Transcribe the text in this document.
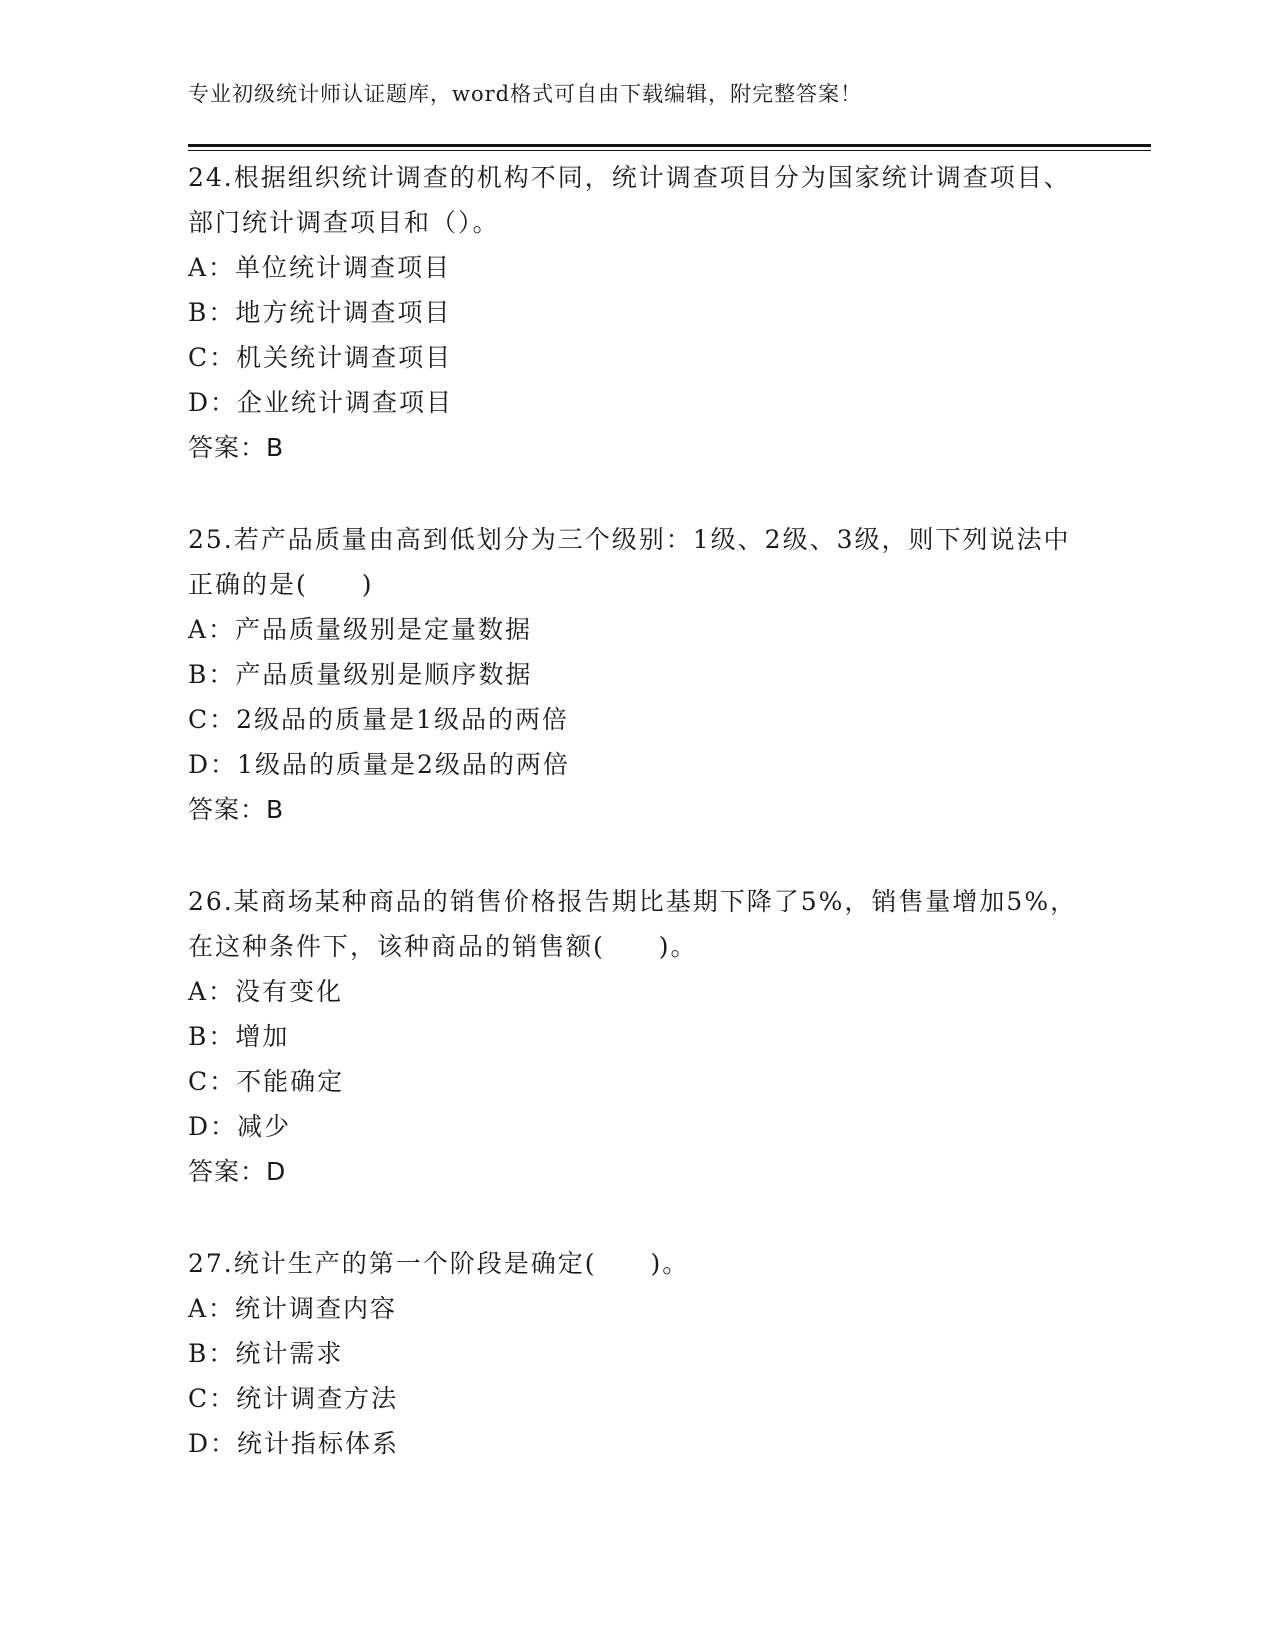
专业初级统计师认证题库，word格式可自由下载编辑，附完整答案！

24.根据组织统计调查的机构不同，统计调查项目分为国家统计调查项目、部门统计调查项目和（）。

A：单位统计调查项目

B：地方统计调查项目

C：机关统计调查项目

D：企业统计调查项目

答案：B

25.若产品质量由高到低划分为三个级别：1级、2级、3级，则下列说法中正确的是(　　)

A：产品质量级别是定量数据

B：产品质量级别是顺序数据

C：2级品的质量是1级品的两倍

D：1级品的质量是2级品的两倍

答案：B

26.某商场某种商品的销售价格报告期比基期下降了5%，销售量增加5%，在这种条件下，该种商品的销售额(　　)。

A：没有变化

B：增加

C：不能确定

D：减少

答案：D

27.统计生产的第一个阶段是确定(　　)。

A：统计调查内容

B：统计需求

C：统计调查方法

D：统计指标体系
